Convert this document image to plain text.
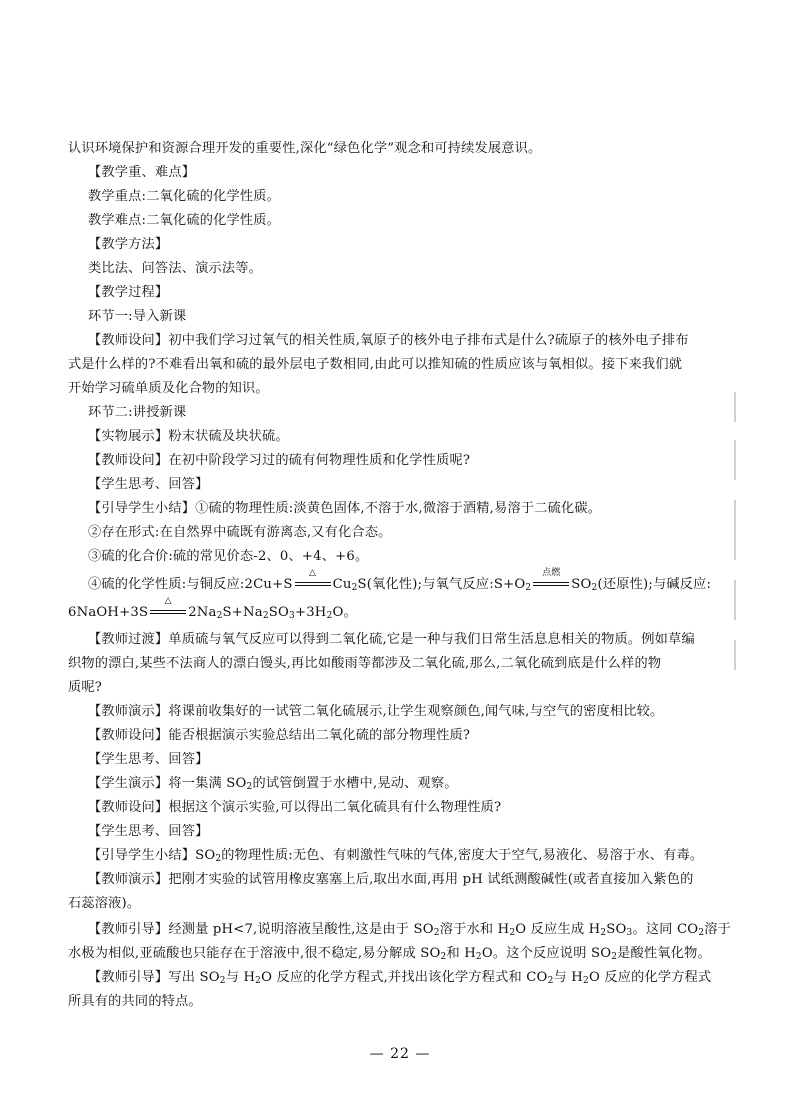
认识环境保护和资源合理开发的重要性,深化“绿色化学”观念和可持续发展意识。
【教学重、难点】
教学重点:二氧化硫的化学性质。
教学难点:二氧化硫的化学性质。
【教学方法】
类比法、问答法、演示法等。
【教学过程】
环节一:导入新课
【教师设问】初中我们学习过氧气的相关性质,氧原子的核外电子排布式是什么?硫原子的核外电子排布
式是什么样的?不难看出氧和硫的最外层电子数相同,由此可以推知硫的性质应该与氧相似。接下来我们就
开始学习硫单质及化合物的知识。
环节二:讲授新课
【实物展示】粉末状硫及块状硫。
【教师设问】在初中阶段学习过的硫有何物理性质和化学性质呢?
【学生思考、回答】
【引导学生小结】①硫的物理性质:淡黄色固体,不溶于水,微溶于酒精,易溶于二硫化碳。
②存在形式:在自然界中硫既有游离态,又有化合态。
③硫的化合价:硫的常见价态-2、0、+4、+6。
④硫的化学性质:与铜反应:2Cu+S
△
$Cu_2S$(氧化性);与氧气反应$:S+O_2$
点燃
$SO_2$(还原性);与碱反应:
6NaOH+3S
△
$2Na_2S+Na_2SO_3+3H_2O$。
【教师过渡】单质硫与氧气反应可以得到二氧化硫,它是一种与我们日常生活息息相关的物质。例如草编
织物的漂白,某些不法商人的漂白馒头,再比如酸雨等都涉及二氧化硫,那么,二氧化硫到底是什么样的物
质呢?
【教师演示】将课前收集好的一试管二氧化硫展示,让学生观察颜色,闻气味,与空气的密度相比较。
【教师设问】能否根据演示实验总结出二氧化硫的部分物理性质?
【学生思考、回答】
【学生演示】将一集满 $SO_2$的试管倒置于水槽中,晃动、观察。
【教师设问】根据这个演示实验,可以得出二氧化硫具有什么物理性质?
【学生思考、回答】
【引导学生小结】$SO_2$的物理性质:无色、有刺激性气味的气体,密度大于空气,易液化、易溶于水、有毒。
【教师演示】把刚才实验的试管用橡皮塞塞上后,取出水面,再用 pH 试纸测酸碱性(或者直接加入紫色的
石蕊溶液)。
【教师引导】经测量 pH<7,说明溶液呈酸性,这是由于 $SO_2$溶于水和 $H_2O$ 反应生成 $H_2SO_3$。这同 $CO_2$溶于
水极为相似,亚硫酸也只能存在于溶液中,很不稳定,易分解成 $SO_2$和 $H_2O$。这个反应说明 $SO_2$是酸性氧化物。
【教师引导】写出 $SO_2$与 $H_2O$ 反应的化学方程式,并找出该化学方程式和 $CO_2$与 $H_2O$ 反应的化学方程式
所具有的共同的特点。
— 22 —
